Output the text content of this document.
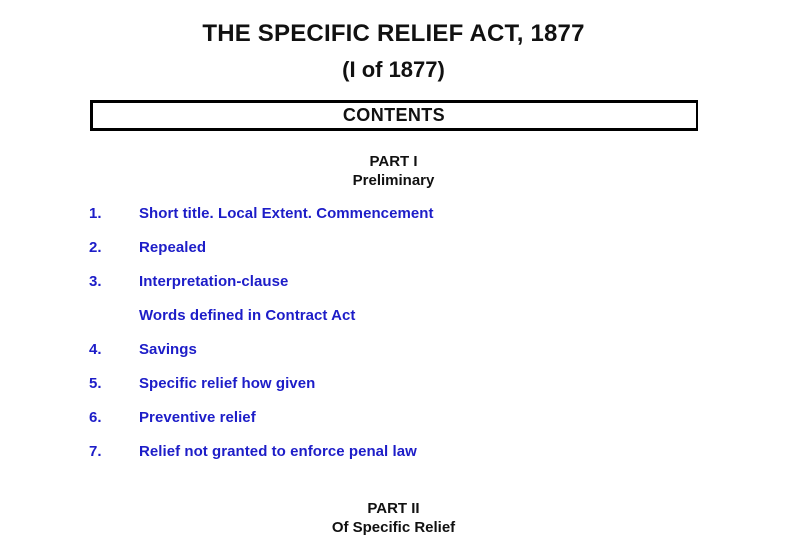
THE SPECIFIC RELIEF ACT, 1877
(I of 1877)
CONTENTS
PART I
Preliminary
1.	Short title. Local Extent. Commencement
2.	Repealed
3.	Interpretation-clause
Words defined in Contract Act
4.	Savings
5.	Specific relief how given
6.	Preventive relief
7.	Relief not granted to enforce penal law
PART II
Of Specific Relief
